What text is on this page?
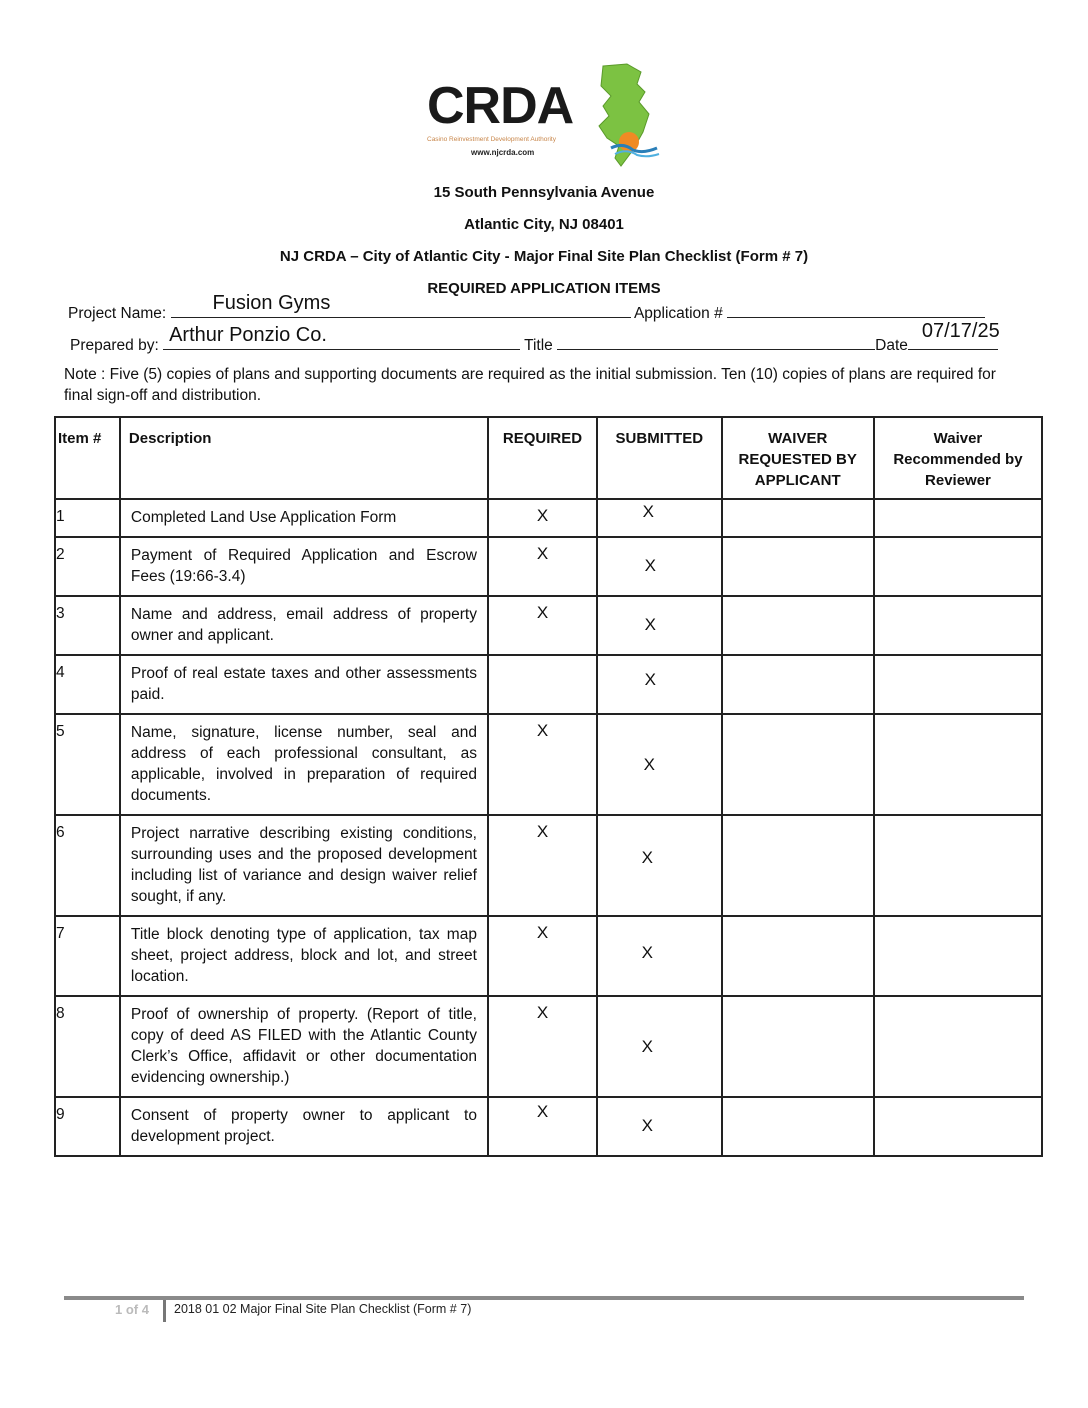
CRDA
Casino Reinvestment Development Authority
www.njcrda.com
15 South Pennsylvania Avenue
Atlantic City, NJ 08401
NJ CRDA – City of Atlantic City - Major Final Site Plan Checklist (Form # 7)
REQUIRED APPLICATION ITEMS
Project Name: Fusion Gyms	Application #
Prepared by: Arthur Ponzio Co.	Title	Date
07/17/25
Note : Five (5) copies of plans and supporting documents are required as the initial submission. Ten (10) copies of plans are required for final sign-off and distribution.
Item #	Description	REQUIRED	SUBMITTED	WAIVER REQUESTED BY APPLICANT	Waiver Recommended by Reviewer
1	Completed Land Use Application Form	X	X		

2	Payment of Required Application and Escrow Fees (19:66-3.4)	X	X		

3	Name and address, email address of property owner and applicant.	X	X		

4	Proof of real estate taxes and other assessments paid.		X		

5	Name, signature, license number, seal and address of each professional consultant, as applicable, involved in preparation of required documents.	X	X		

6	Project narrative describing existing conditions, surrounding uses and the proposed development including list of variance and design waiver relief sought, if any.	X	X		

7	Title block denoting type of application, tax map sheet, project address, block and lot, and street location.	X	X		

8	Proof of ownership of property. (Report of title, copy of deed AS FILED with the Atlantic County Clerk’s Office, affidavit or other documentation evidencing ownership.)	X	X		

9	Consent of property owner to applicant to development project.	X	X		

1 of 4 2018 01 02 Major Final Site Plan Checklist (Form # 7)
